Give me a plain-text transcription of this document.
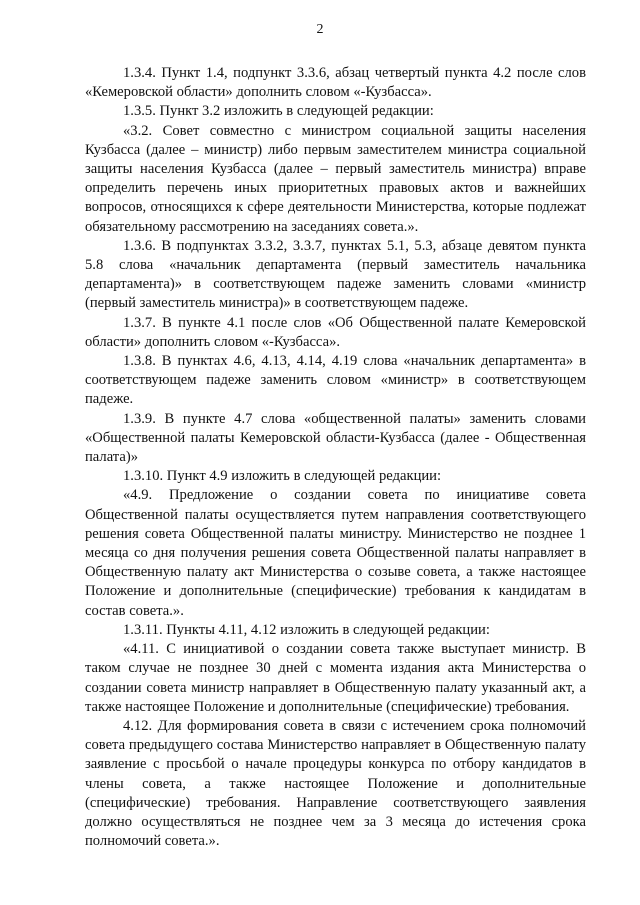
2

1.3.4. Пункт 1.4, подпункт 3.3.6, абзац четвертый пункта 4.2 после слов «Кемеровской области» дополнить словом «-Кузбасса».

1.3.5. Пункт 3.2 изложить в следующей редакции:

«3.2. Совет совместно с министром социальной защиты населения Кузбасса (далее – министр) либо первым заместителем министра социальной защиты населения Кузбасса (далее – первый заместитель министра) вправе определить перечень иных приоритетных правовых актов и важнейших вопросов, относящихся к сфере деятельности Министерства, которые подлежат обязательному рассмотрению на заседаниях совета.».

1.3.6. В подпунктах 3.3.2, 3.3.7, пунктах 5.1, 5.3, абзаце девятом пункта 5.8 слова «начальник департамента (первый заместитель начальника департамента)» в соответствующем падеже заменить словами «министр (первый заместитель министра)» в соответствующем падеже.

1.3.7. В пункте 4.1 после слов «Об Общественной палате Кемеровской области» дополнить словом «-Кузбасса».

1.3.8. В пунктах 4.6, 4.13, 4.14, 4.19 слова «начальник департамента» в соответствующем падеже заменить словом «министр» в соответствующем падеже.

1.3.9. В пункте 4.7 слова «общественной палаты» заменить словами «Общественной палаты Кемеровской области-Кузбасса (далее - Общественная палата)»

1.3.10. Пункт 4.9 изложить в следующей редакции:

«4.9. Предложение о создании совета по инициативе совета Общественной палаты осуществляется путем направления соответствующего решения совета Общественной палаты министру. Министерство не позднее 1 месяца со дня получения решения совета Общественной палаты направляет в Общественную палату акт Министерства о созыве совета, а также настоящее Положение и дополнительные (специфические) требования к кандидатам в состав совета.».

1.3.11. Пункты 4.11, 4.12 изложить в следующей редакции:

«4.11. С инициативой о создании совета также выступает министр. В таком случае не позднее 30 дней с момента издания акта Министерства о создании совета министр направляет в Общественную палату указанный акт, а также настоящее Положение и дополнительные (специфические) требования.

4.12. Для формирования совета в связи с истечением срока полномочий совета предыдущего состава Министерство направляет в Общественную палату заявление с просьбой о начале процедуры конкурса по отбору кандидатов в члены совета, а также настоящее Положение и дополнительные (специфические) требования. Направление соответствующего заявления должно осуществляться не позднее чем за 3 месяца до истечения срока полномочий совета.».
